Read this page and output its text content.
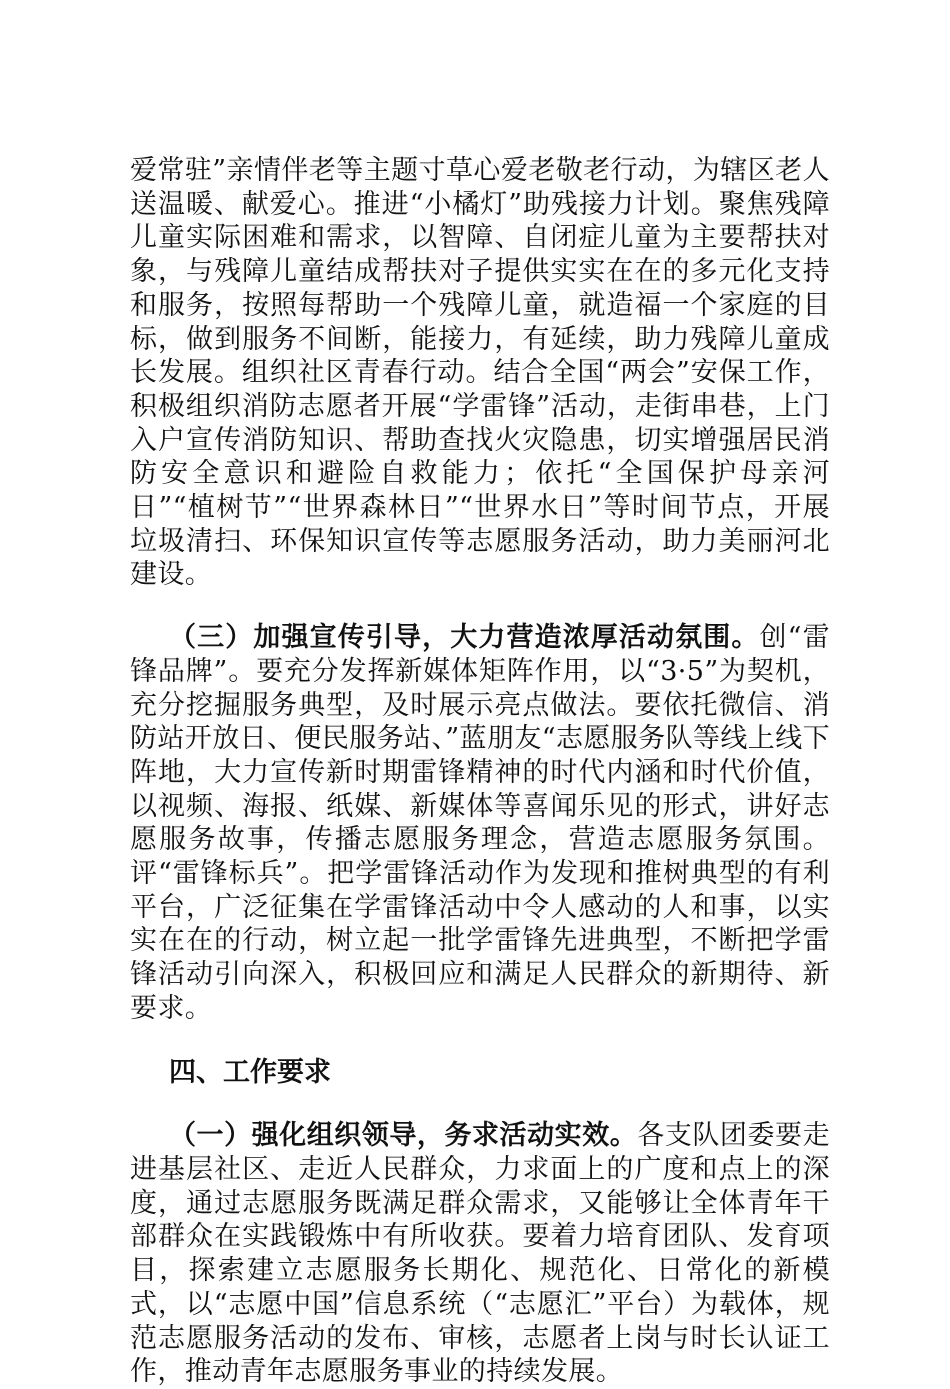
爱常驻”亲情伴老等主题寸草心爱老敬老行动，为辖区老人送温暖、献爱心。推进“小橘灯”助残接力计划。聚焦残障儿童实际困难和需求，以智障、自闭症儿童为主要帮扶对象，与残障儿童结成帮扶对子提供实实在在的多元化支持和服务，按照每帮助一个残障儿童，就造福一个家庭的目标，做到服务不间断，能接力，有延续，助力残障儿童成长发展。组织社区青春行动。结合全国“两会”安保工作，积极组织消防志愿者开展“学雷锋”活动，走街串巷，上门入户宣传消防知识、帮助查找火灾隐患，切实增强居民消防安全意识和避险自救能力；依托“全国保护母亲河日”“植树节”“世界森林日”“世界水日”等时间节点，开展垃圾清扫、环保知识宣传等志愿服务活动，助力美丽河北建设。

（三）加强宣传引导，大力营造浓厚活动氛围。创“雷锋品牌”。要充分发挥新媒体矩阵作用，以“3·5”为契机，充分挖掘服务典型，及时展示亮点做法。要依托微信、消防站开放日、便民服务站、”蓝朋友“志愿服务队等线上线下阵地，大力宣传新时期雷锋精神的时代内涵和时代价值，以视频、海报、纸媒、新媒体等喜闻乐见的形式，讲好志愿服务故事，传播志愿服务理念，营造志愿服务氛围。评“雷锋标兵”。把学雷锋活动作为发现和推树典型的有利平台，广泛征集在学雷锋活动中令人感动的人和事，以实实在在的行动，树立起一批学雷锋先进典型，不断把学雷锋活动引向深入，积极回应和满足人民群众的新期待、新要求。

四、工作要求

（一）强化组织领导，务求活动实效。各支队团委要走进基层社区、走近人民群众，力求面上的广度和点上的深度，通过志愿服务既满足群众需求，又能够让全体青年干部群众在实践锻炼中有所收获。要着力培育团队、发育项目，探索建立志愿服务长期化、规范化、日常化的新模式，以“志愿中国”信息系统（“志愿汇”平台）为载体，规范志愿服务活动的发布、审核，志愿者上岗与时长认证工作，推动青年志愿服务事业的持续发展。
